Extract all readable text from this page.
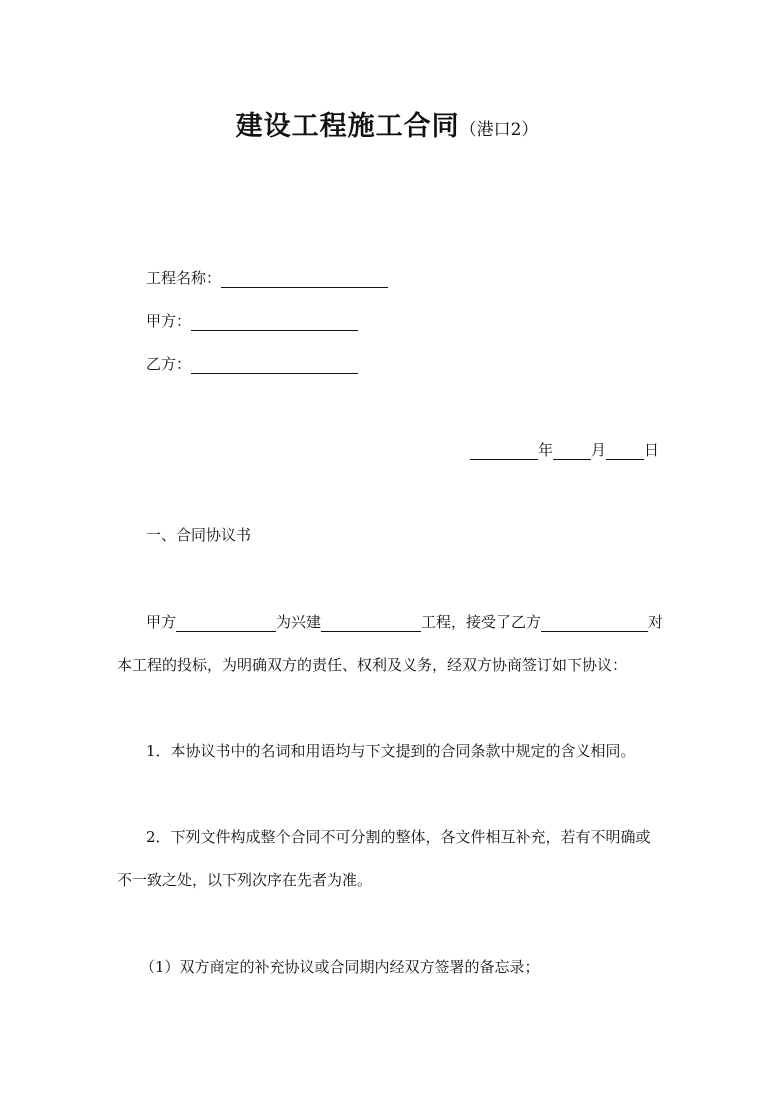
建设工程施工合同（港口2）
工程名称：
甲方：
乙方：
年	月	日
一、合同协议书
甲方	为兴建	工程，接受了乙方	对
本工程的投标，为明确双方的责任、权利及义务，经双方协商签订如下协议：
1．本协议书中的名词和用语均与下文提到的合同条款中规定的含义相同。
2．下列文件构成整个合同不可分割的整体，各文件相互补充，若有不明确或
不一致之处，以下列次序在先者为准。
（1）双方商定的补充协议或合同期内经双方签署的备忘录；
